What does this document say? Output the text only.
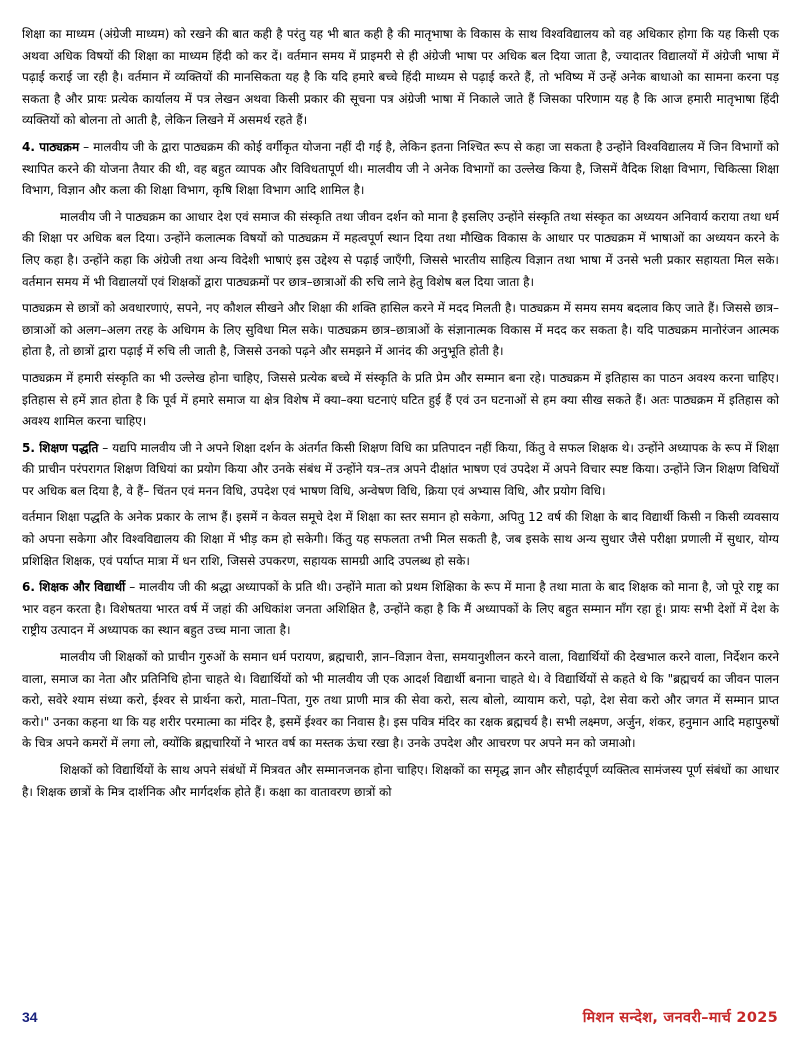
शिक्षा का माध्यम (अंग्रेजी माध्यम) को रखने की बात कही है परंतु यह भी बात कही है की मातृभाषा के विकास के साथ विश्वविद्यालय को वह अधिकार होगा कि यह किसी एक अथवा अधिक विषयों की शिक्षा का माध्यम हिंदी को कर दें। वर्तमान समय में प्राइमरी से ही अंग्रेजी भाषा पर अधिक बल दिया जाता है, ज्यादातर विद्यालयों में अंग्रेजी भाषा में पढ़ाई कराई जा रही है। वर्तमान में व्यक्तियों की मानसिकता यह है कि यदि हमारे बच्चे हिंदी माध्यम से पढ़ाई करते हैं, तो भविष्य में उन्हें अनेक बाधाओ का सामना करना पड़ सकता है और प्रायः प्रत्येक कार्यालय में पत्र लेखन अथवा किसी प्रकार की सूचना पत्र अंग्रेजी भाषा में निकाले जाते हैं जिसका परिणाम यह है कि आज हमारी मातृभाषा हिंदी व्यक्तियों को बोलना तो आती है, लेकिन लिखने में असमर्थ रहते हैं।

4. पाठ्यक्रम – मालवीय जी के द्वारा पाठ्यक्रम की कोई वर्गीकृत योजना नहीं दी गई है, लेकिन इतना निश्चित रूप से कहा जा सकता है उन्होंने विश्वविद्यालय में जिन विभागों को स्थापित करने की योजना तैयार की थी, वह बहुत व्यापक और विविधतापूर्ण थी। मालवीय जी ने अनेक विभागों का उल्लेख किया है, जिसमें वैदिक शिक्षा विभाग, चिकित्सा शिक्षा विभाग, विज्ञान और कला की शिक्षा विभाग, कृषि शिक्षा विभाग आदि शामिल है।

मालवीय जी ने पाठ्यक्रम का आधार देश एवं समाज की संस्कृति तथा जीवन दर्शन को माना है इसलिए उन्होंने संस्कृति तथा संस्कृत का अध्ययन अनिवार्य कराया तथा धर्म की शिक्षा पर अधिक बल दिया। उन्होंने कलात्मक विषयों को पाठ्यक्रम में महत्वपूर्ण स्थान दिया तथा मौखिक विकास के आधार पर पाठ्यक्रम में भाषाओं का अध्ययन करने के लिए कहा है। उन्होंने कहा कि अंग्रेजी तथा अन्य विदेशी भाषाएं इस उद्देश्य से पढ़ाई जाएँगी, जिससे भारतीय साहित्य विज्ञान तथा भाषा में उनसे भली प्रकार सहायता मिल सके। वर्तमान समय में भी विद्यालयों एवं शिक्षकों द्वारा पाठ्यक्रमों पर छात्र–छात्राओं की रुचि लाने हेतु विशेष बल दिया जाता है।

पाठ्यक्रम से छात्रों को अवधारणाएं, सपने, नए कौशल सीखने और शिक्षा की शक्ति हासिल करने में मदद मिलती है। पाठ्यक्रम में समय समय बदलाव किए जाते हैं। जिससे छात्र–छात्राओं को अलग–अलग तरह के अधिगम के लिए सुविधा मिल सके। पाठ्यक्रम छात्र–छात्राओं के संज्ञानात्मक विकास में मदद कर सकता है। यदि पाठ्यक्रम मानोरंजन आत्मक होता है, तो छात्रों द्वारा पढ़ाई में रुचि ली जाती है, जिससे उनको पढ़ने और समझने में आनंद की अनुभूति होती है।

पाठ्यक्रम में हमारी संस्कृति का भी उल्लेख होना चाहिए, जिससे प्रत्येक बच्चे में संस्कृति के प्रति प्रेम और सम्मान बना रहे। पाठ्यक्रम में इतिहास का पाठन अवश्य करना चाहिए। इतिहास से हमें ज्ञात होता है कि पूर्व में हमारे समाज या क्षेत्र विशेष में क्या–क्या घटनाएं घटित हुई हैं एवं उन घटनाओं से हम क्या सीख सकते हैं। अतः पाठ्यक्रम में इतिहास को अवश्य शामिल करना चाहिए।

5. शिक्षण पद्धति – यद्यपि मालवीय जी ने अपने शिक्षा दर्शन के अंतर्गत किसी शिक्षण विधि का प्रतिपादन नहीं किया, किंतु वे सफल शिक्षक थे। उन्होंने अध्यापक के रूप में शिक्षा की प्राचीन परंपरागत शिक्षण विधियां का प्रयोग किया और उनके संबंध में उन्होंने यत्र–तत्र अपने दीक्षांत भाषण एवं उपदेश में अपने विचार स्पष्ट किया। उन्होंने जिन शिक्षण विधियों पर अधिक बल दिया है, वे हैं– चिंतन एवं मनन विधि, उपदेश एवं भाषण विधि, अन्वेषण विधि, क्रिया एवं अभ्यास विधि, और प्रयोग विधि।

वर्तमान शिक्षा पद्धति के अनेक प्रकार के लाभ हैं। इसमें न केवल समूचे देश में शिक्षा का स्तर समान हो सकेगा, अपितु 12 वर्ष की शिक्षा के बाद विद्यार्थी किसी न किसी व्यवसाय को अपना सकेगा और विश्वविद्यालय की शिक्षा में भीड़ कम हो सकेगी। किंतु यह सफलता तभी मिल सकती है, जब इसके साथ अन्य सुधार जैसे परीक्षा प्रणाली में सुधार, योग्य प्रशिक्षित शिक्षक, एवं पर्याप्त मात्रा में धन राशि, जिससे उपकरण, सहायक सामग्री आदि उपलब्ध हो सके।

6. शिक्षक और विद्यार्थी – मालवीय जी की श्रद्धा अध्यापकों के प्रति थी। उन्होंने माता को प्रथम शिक्षिका के रूप में माना है तथा माता के बाद शिक्षक को माना है, जो पूरे राष्ट्र का भार वहन करता है। विशेषतया भारत वर्ष में जहां की अधिकांश जनता अशिक्षित है, उन्होंने कहा है कि मैं अध्यापकों के लिए बहुत सम्मान माँग रहा हूं। प्रायः सभी देशों में देश के राष्ट्रीय उत्पादन में अध्यापक का स्थान बहुत उच्च माना जाता है।

मालवीय जी शिक्षकों को प्राचीन गुरुओं के समान धर्म परायण, ब्रह्मचारी, ज्ञान–विज्ञान वेत्ता, समयानुशीलन करने वाला, विद्यार्थियों की देखभाल करने वाला, निर्देशन करने वाला, समाज का नेता और प्रतिनिधि होना चाहते थे। विद्यार्थियों को भी मालवीय जी एक आदर्श विद्यार्थी बनाना चाहते थे। वे विद्यार्थियों से कहते थे कि "ब्रह्मचर्य का जीवन पालन करो, सवेरे श्याम संध्या करो, ईश्वर से प्रार्थना करो, माता–पिता, गुरु तथा प्राणी मात्र की सेवा करो, सत्य बोलो, व्यायाम करो, पढ़ो, देश सेवा करो और जगत में सम्मान प्राप्त करो।" उनका कहना था कि यह शरीर परमात्मा का मंदिर है, इसमें ईश्वर का निवास है। इस पवित्र मंदिर का रक्षक ब्रह्मचर्य है। सभी लक्ष्मण, अर्जुन, शंकर, हनुमान आदि महापुरुषों के चित्र अपने कमरों में लगा लो, क्योंकि ब्रह्मचारियों ने भारत वर्ष का मस्तक ऊंचा रखा है। उनके उपदेश और आचरण पर अपने मन को जमाओ।

शिक्षकों को विद्यार्थियों के साथ अपने संबंधों में मित्रवत और सम्मानजनक होना चाहिए। शिक्षकों का समृद्ध ज्ञान और सौहार्दपूर्ण व्यक्तित्व सामंजस्य पूर्ण संबंधों का आधार है। शिक्षक छात्रों के मित्र दार्शनिक और मार्गदर्शक होते हैं। कक्षा का वातावरण छात्रों को

34	मिशन सन्देश, जनवरी–मार्च 2025
